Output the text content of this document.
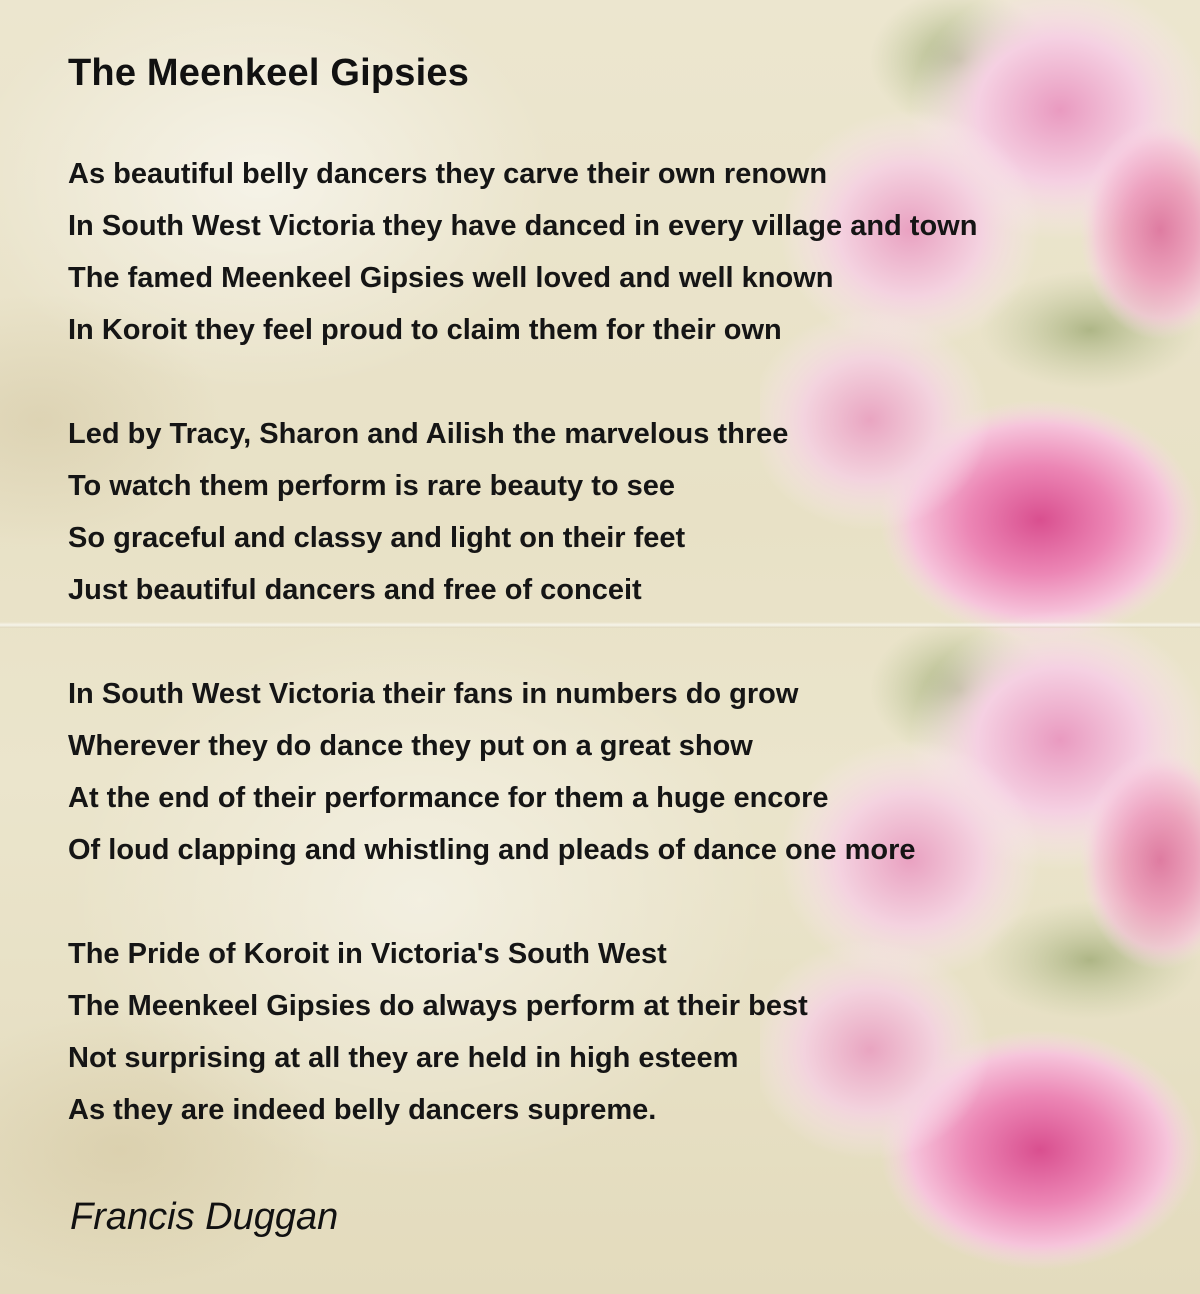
The Meenkeel Gipsies
As beautiful belly dancers they carve their own renown
In South West Victoria they have danced in every village and town
The famed Meenkeel Gipsies well loved and well known
In Koroit they feel proud to claim them for their own
Led by Tracy, Sharon and Ailish the marvelous three
To watch them perform is rare beauty to see
So graceful and classy and light on their feet
Just beautiful dancers and free of conceit
In South West Victoria their fans in numbers do grow
Wherever they do dance they put on a great show
At the end of their performance for them a huge encore
Of loud clapping and whistling and pleads of dance one more
The Pride of Koroit in Victoria's South West
The Meenkeel Gipsies do always perform at their best
Not surprising at all they are held in high esteem
As they are indeed belly dancers supreme.
Francis Duggan
